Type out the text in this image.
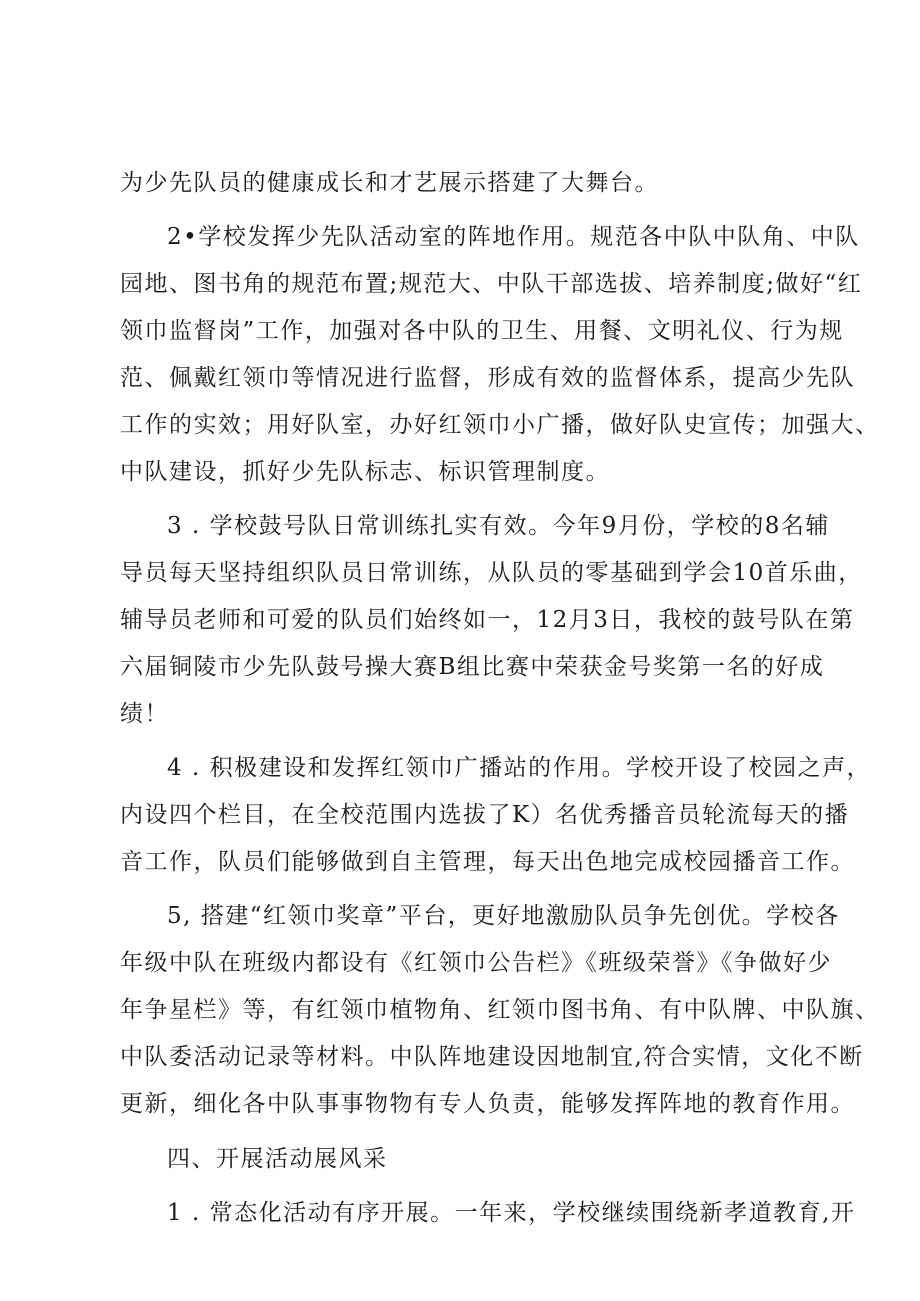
为少先队员的健康成长和才艺展示搭建了大舞台。
2•学校发挥少先队活动室的阵地作用。规范各中队中队角、中队
园地、图书角的规范布置;规范大、中队干部选拔、培养制度;做好“红
领巾监督岗”工作，加强对各中队的卫生、用餐、文明礼仪、行为规
范、佩戴红领巾等情况进行监督，形成有效的监督体系，提高少先队
工作的实效；用好队室，办好红领巾小广播，做好队史宣传；加强大、
中队建设，抓好少先队标志、标识管理制度。
3 . 学校鼓号队日常训练扎实有效。今年9月份，学校的8名辅
导员每天坚持组织队员日常训练，从队员的零基础到学会10首乐曲，
辅导员老师和可爱的队员们始终如一，12月3日，我校的鼓号队在第
六届铜陵市少先队鼓号操大赛B组比赛中荣获金号奖第一名的好成
绩！
4 . 积极建设和发挥红领巾广播站的作用。学校开设了校园之声，
内设四个栏目，在全校范围内选拔了K）名优秀播音员轮流每天的播
音工作，队员们能够做到自主管理，每天出色地完成校园播音工作。
5, 搭建“红领巾奖章”平台，更好地激励队员争先创优。学校各
年级中队在班级内都设有《红领巾公告栏》《班级荣誉》《争做好少
年争星栏》等，有红领巾植物角、红领巾图书角、有中队牌、中队旗、
中队委活动记录等材料。中队阵地建设因地制宜,符合实情，文化不断
更新，细化各中队事事物物有专人负责，能够发挥阵地的教育作用。
四、开展活动展风采
1 . 常态化活动有序开展。一年来，学校继续围绕新孝道教育,开
